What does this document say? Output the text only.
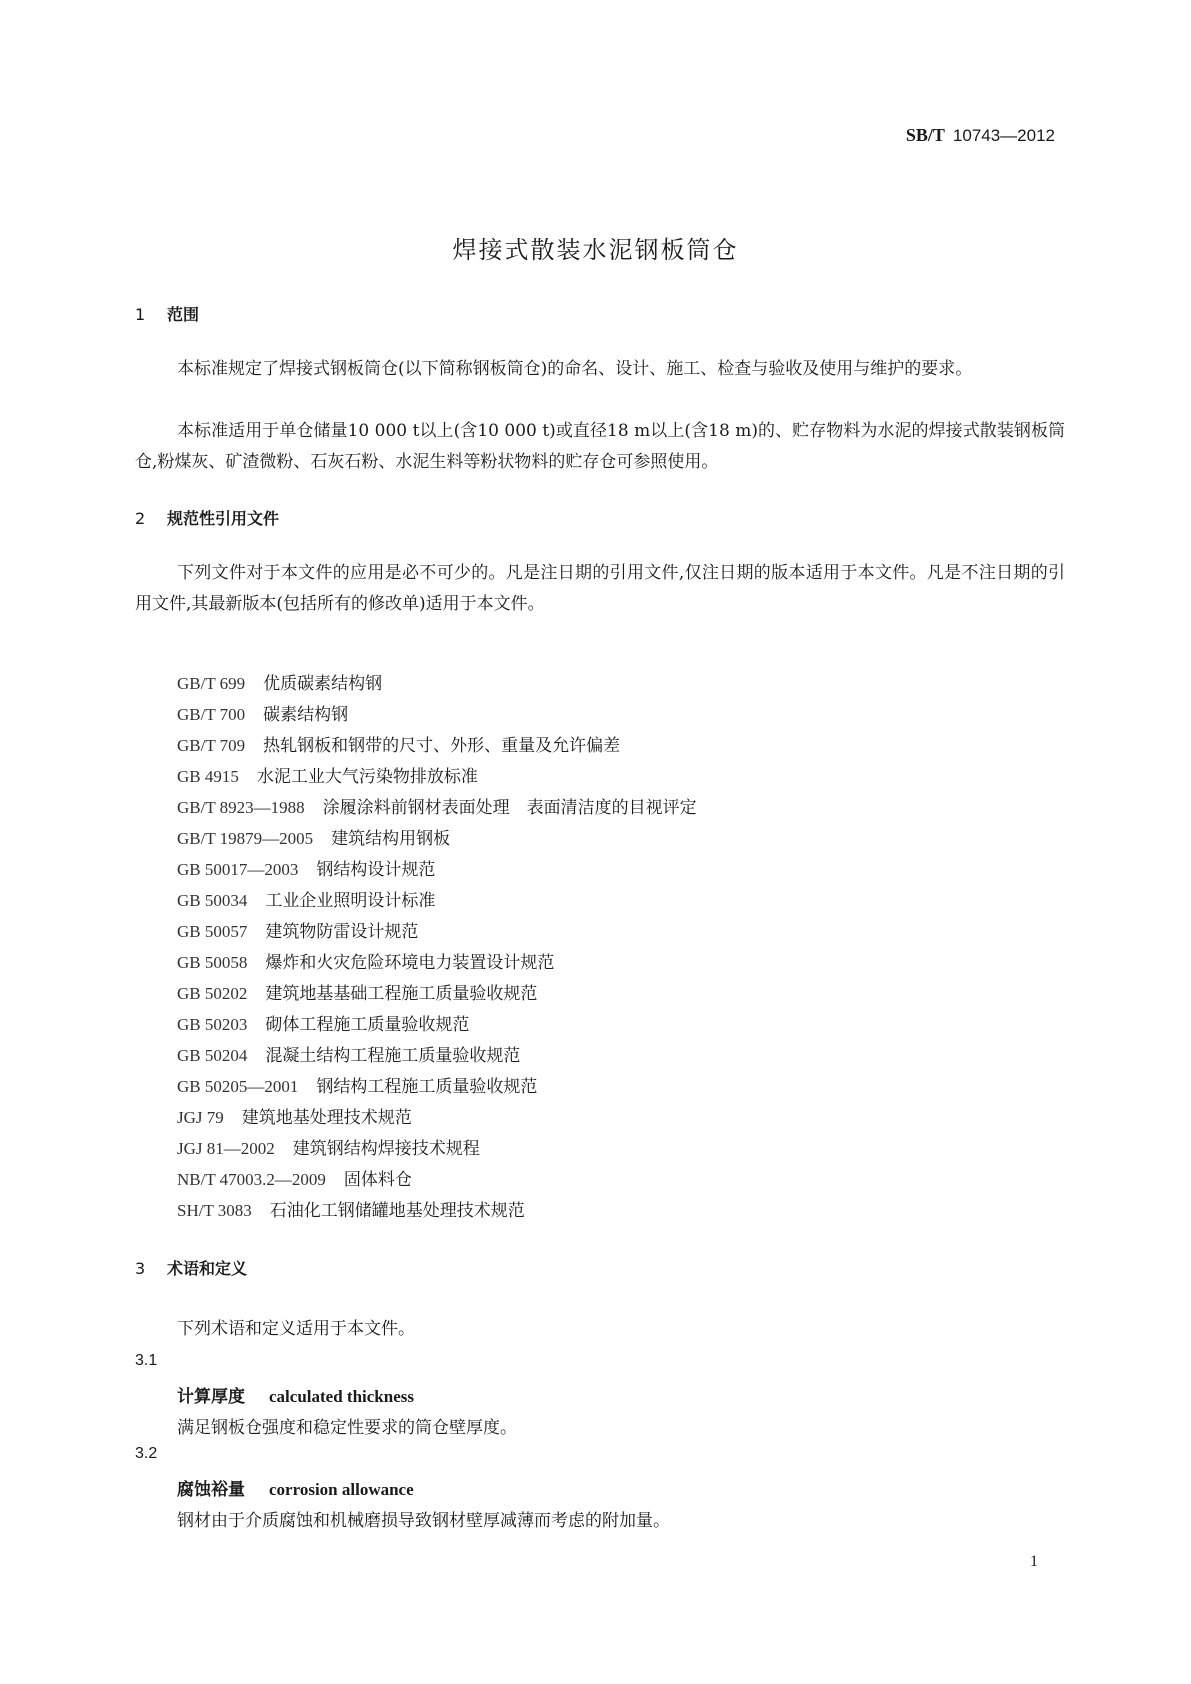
SB/T 10743—2012
焊接式散装水泥钢板筒仓
1 范围
本标准规定了焊接式钢板筒仓(以下简称钢板筒仓)的命名、设计、施工、检查与验收及使用与维护的要求。
本标准适用于单仓储量10 000 t以上(含10 000 t)或直径18 m以上(含18 m)的、贮存物料为水泥的焊接式散装钢板筒仓,粉煤灰、矿渣微粉、石灰石粉、水泥生料等粉状物料的贮存仓可参照使用。
2 规范性引用文件
下列文件对于本文件的应用是必不可少的。凡是注日期的引用文件,仅注日期的版本适用于本文件。凡是不注日期的引用文件,其最新版本(包括所有的修改单)适用于本文件。
GB/T 699 优质碳素结构钢
GB/T 700 碳素结构钢
GB/T 709 热轧钢板和钢带的尺寸、外形、重量及允许偏差
GB 4915 水泥工业大气污染物排放标准
GB/T 8923—1988 涂履涂料前钢材表面处理　表面清洁度的目视评定
GB/T 19879—2005 建筑结构用钢板
GB 50017—2003 钢结构设计规范
GB 50034 工业企业照明设计标准
GB 50057 建筑物防雷设计规范
GB 50058 爆炸和火灾危险环境电力装置设计规范
GB 50202 建筑地基基础工程施工质量验收规范
GB 50203 砌体工程施工质量验收规范
GB 50204 混凝土结构工程施工质量验收规范
GB 50205—2001 钢结构工程施工质量验收规范
JGJ 79 建筑地基处理技术规范
JGJ 81—2002 建筑钢结构焊接技术规程
NB/T 47003.2—2009 固体料仓
SH/T 3083 石油化工钢储罐地基处理技术规范
3 术语和定义
下列术语和定义适用于本文件。
3.1
计算厚度 calculated thickness
满足钢板仓强度和稳定性要求的筒仓壁厚度。
3.2
腐蚀裕量 corrosion allowance
钢材由于介质腐蚀和机械磨损导致钢材壁厚减薄而考虑的附加量。
1
